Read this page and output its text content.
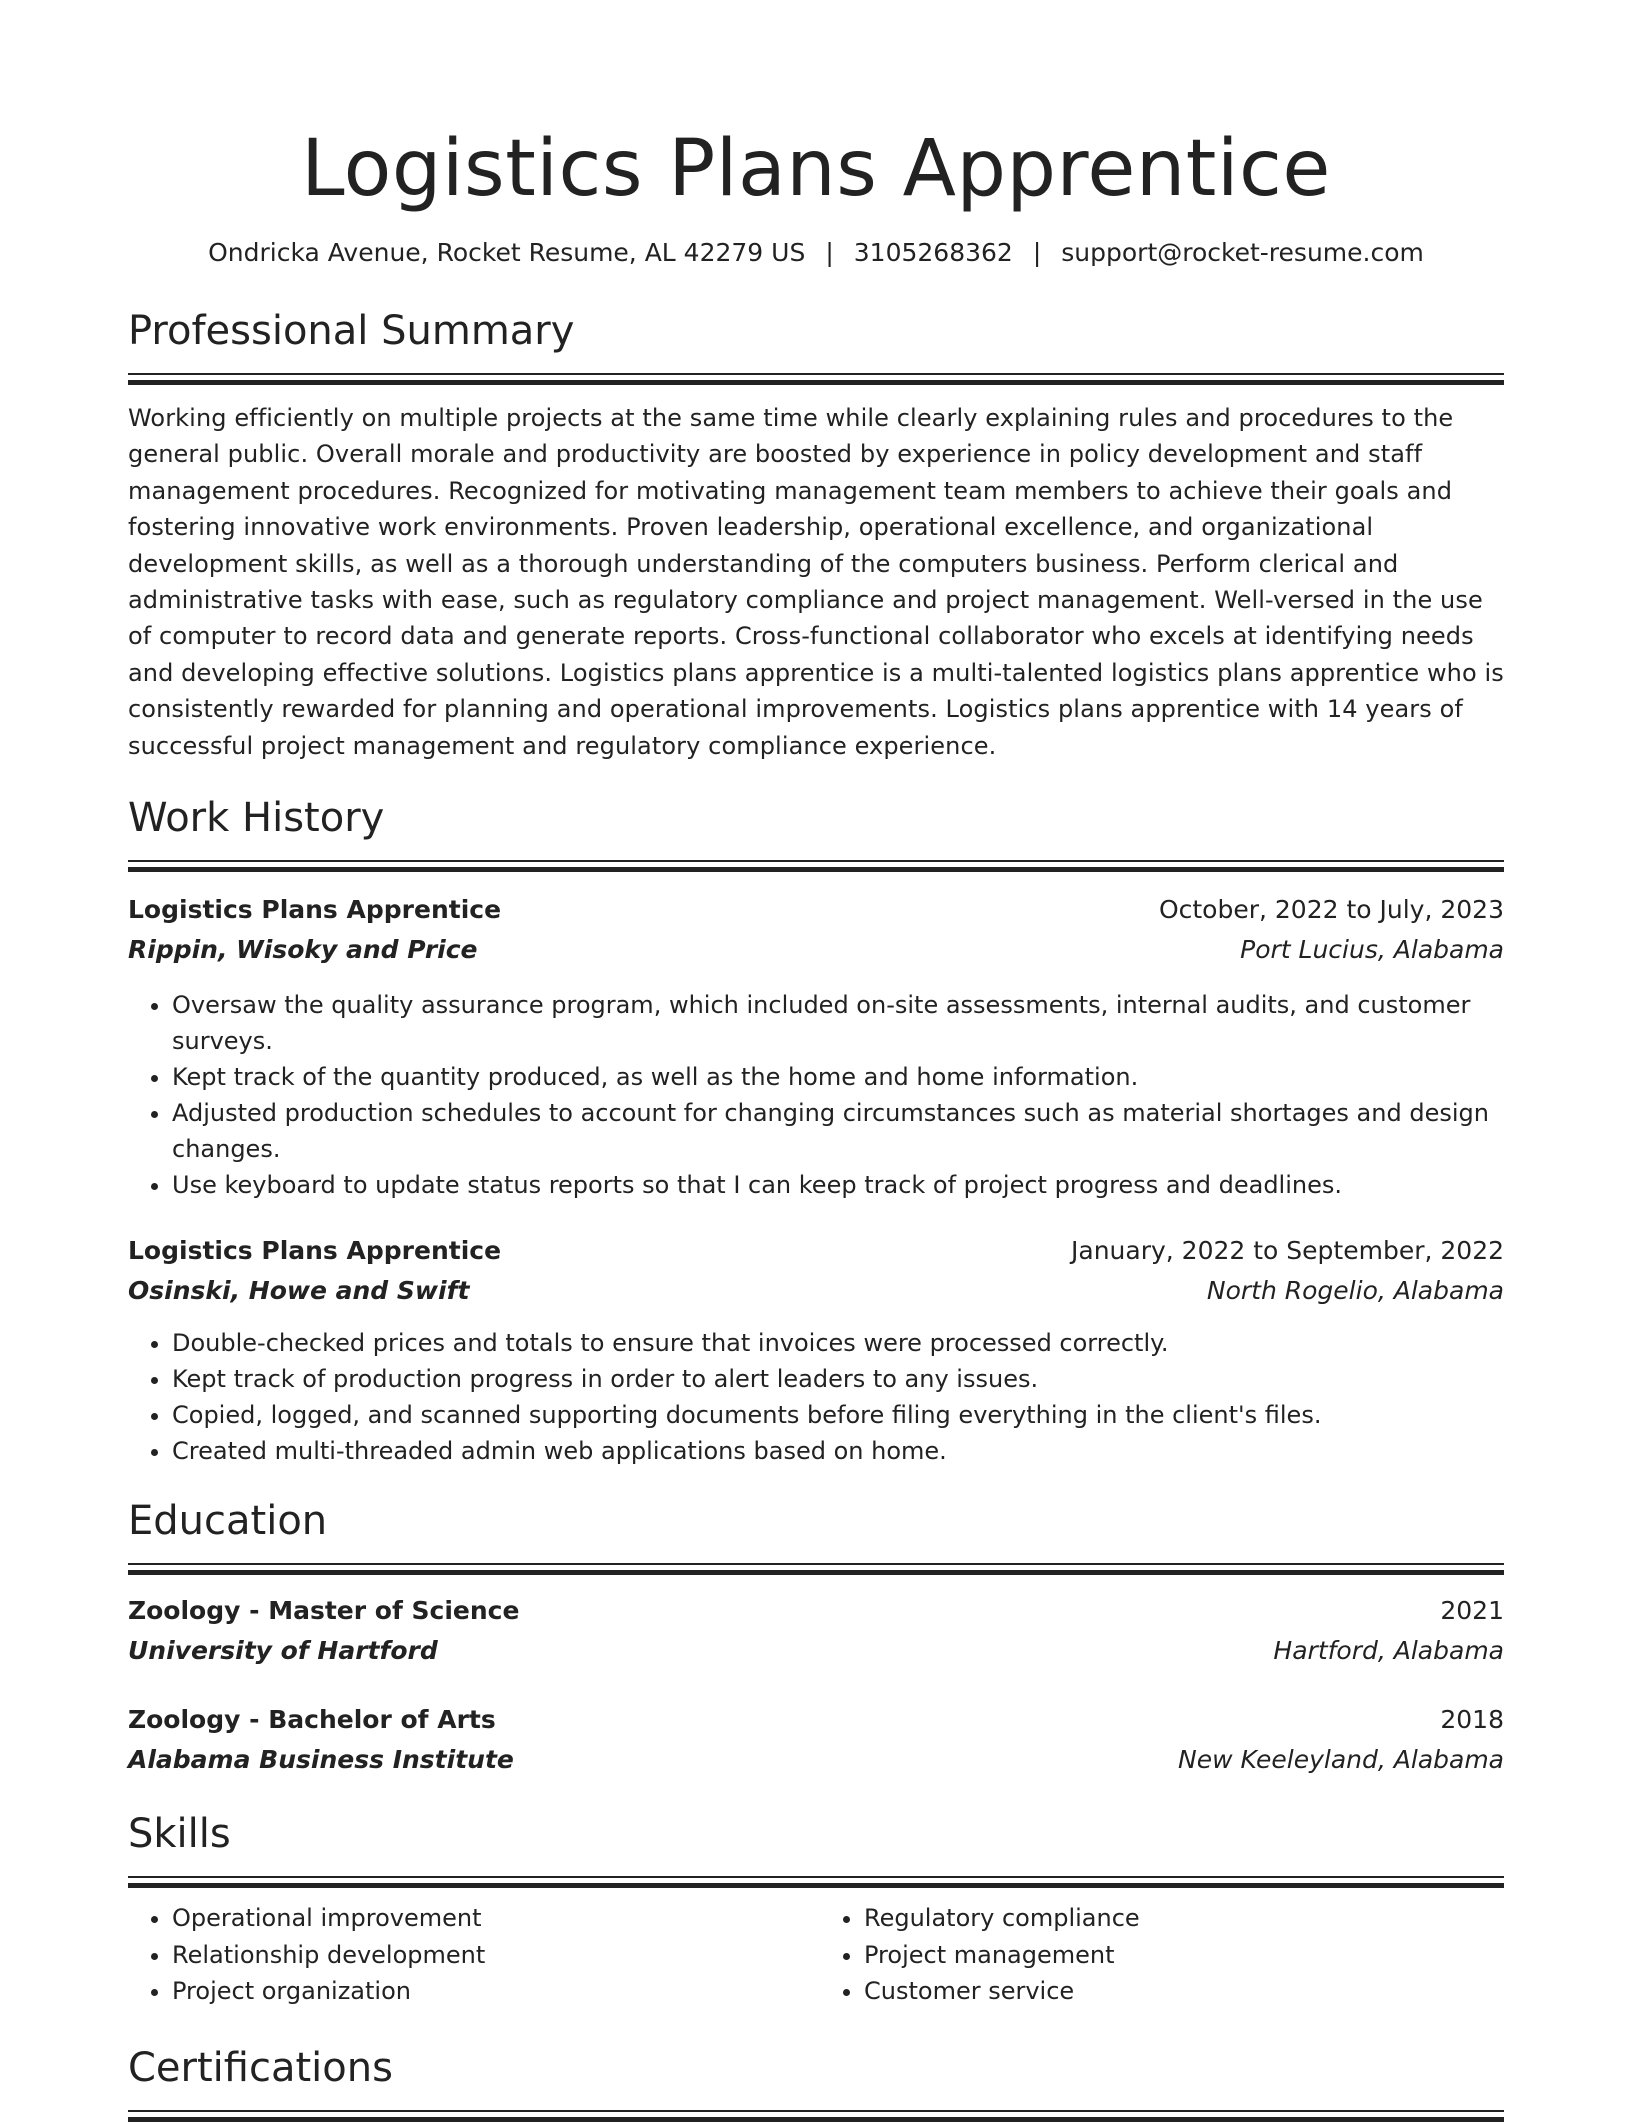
Logistics Plans Apprentice
Ondricka Avenue, Rocket Resume, AL 42279 US | 3105268362 | support@rocket-resume.com
Professional Summary

Working efficiently on multiple projects at the same time while clearly explaining rules and procedures to the general public. Overall morale and productivity are boosted by experience in policy development and staff management procedures. Recognized for motivating management team members to achieve their goals and fostering innovative work environments. Proven leadership, operational excellence, and organizational development skills, as well as a thorough understanding of the computers business. Perform clerical and administrative tasks with ease, such as regulatory compliance and project management. Well-versed in the use of computer to record data and generate reports. Cross-functional collaborator who excels at identifying needs and developing effective solutions. Logistics plans apprentice is a multi-talented logistics plans apprentice who is consistently rewarded for planning and operational improvements. Logistics plans apprentice with 14 years of successful project management and regulatory compliance experience.

Work History
Logistics Plans Apprentice	October, 2022 to July, 2023
Rippin, Wisoky and Price	Port Lucius, Alabama
• Oversaw the quality assurance program, which included on-site assessments, internal audits, and customer surveys.
• Kept track of the quantity produced, as well as the home and home information.
• Adjusted production schedules to account for changing circumstances such as material shortages and design changes.
• Use keyboard to update status reports so that I can keep track of project progress and deadlines.
Logistics Plans Apprentice	January, 2022 to September, 2022
Osinski, Howe and Swift	North Rogelio, Alabama
• Double-checked prices and totals to ensure that invoices were processed correctly.
• Kept track of production progress in order to alert leaders to any issues.
• Copied, logged, and scanned supporting documents before filing everything in the client's files.
• Created multi-threaded admin web applications based on home.
Education
Zoology - Master of Science	2021
University of Hartford	Hartford, Alabama
Zoology - Bachelor of Arts	2018
Alabama Business Institute	New Keeleyland, Alabama
Skills
• Operational improvement
• Relationship development
• Project organization
• Regulatory compliance
• Project management
• Customer service
Certifications
